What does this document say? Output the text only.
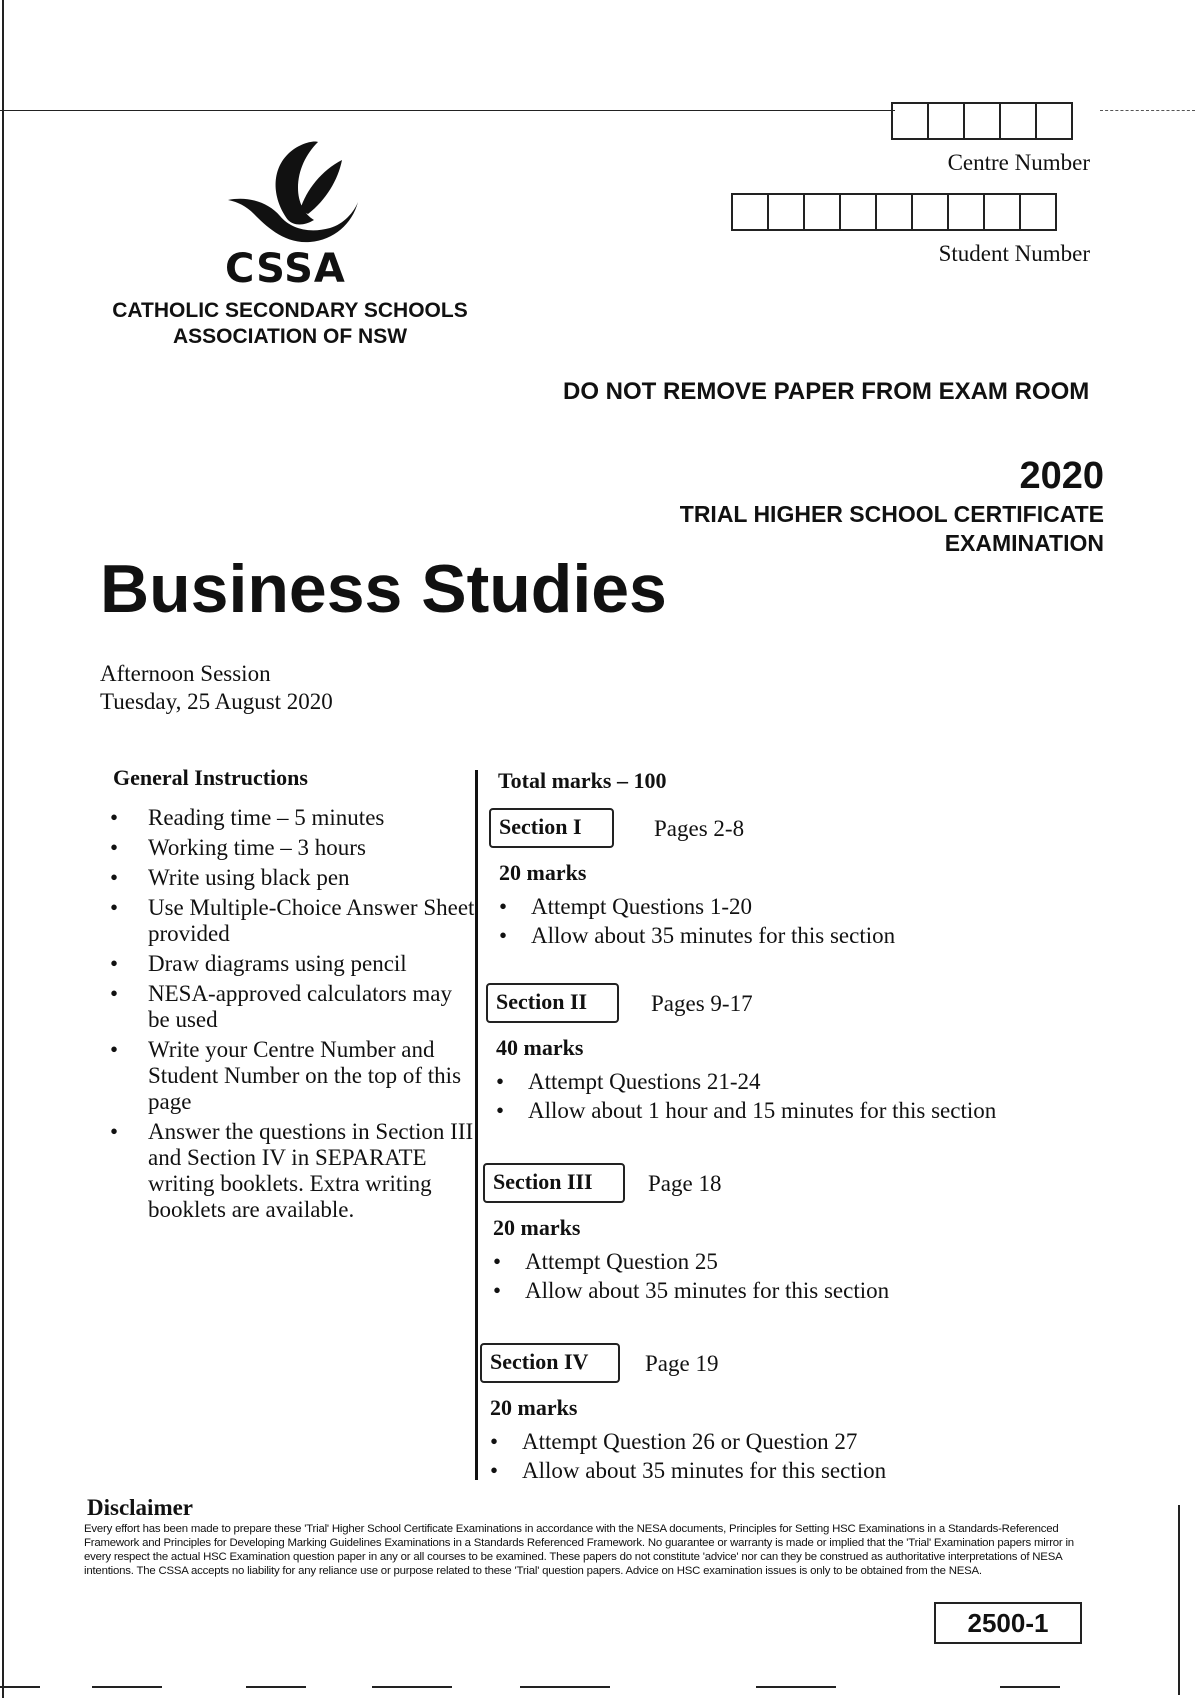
Centre Number
Student Number
CSSA
CATHOLIC SECONDARY SCHOOLS
ASSOCIATION OF NSW
DO NOT REMOVE PAPER FROM EXAM ROOM
2020
TRIAL HIGHER SCHOOL CERTIFICATE
EXAMINATION
Business Studies
Afternoon Session
Tuesday, 25 August 2020
General Instructions
• Reading time – 5 minutes
• Working time – 3 hours
• Write using black pen
• Use Multiple-Choice Answer Sheet provided
• Draw diagrams using pencil
• NESA-approved calculators may be used
• Write your Centre Number and Student Number on the top of this page
• Answer the questions in Section III and Section IV in SEPARATE writing booklets. Extra writing booklets are available.
Total marks – 100
Section I	Pages 2-8
20 marks
• Attempt Questions 1-20
• Allow about 35 minutes for this section
Section II	Pages 9-17
40 marks
• Attempt Questions 21-24
• Allow about 1 hour and 15 minutes for this section
Section III Page 18
20 marks
• Attempt Question 25
• Allow about 35 minutes for this section
Section IV Page 19
20 marks
• Attempt Question 26 or Question 27
• Allow about 35 minutes for this section
Disclaimer
Every effort has been made to prepare these 'Trial' Higher School Certificate Examinations in accordance with the NESA documents, Principles for Setting HSC Examinations in a Standards-Referenced Framework and Principles for Developing Marking Guidelines Examinations in a Standards Referenced Framework. No guarantee or warranty is made or implied that the 'Trial' Examination papers mirror in every respect the actual HSC Examination question paper in any or all courses to be examined. These papers do not constitute 'advice' nor can they be construed as authoritative interpretations of NESA intentions. The CSSA accepts no liability for any reliance use or purpose related to these 'Trial' question papers. Advice on HSC examination issues is only to be obtained from the NESA.
2500-1
